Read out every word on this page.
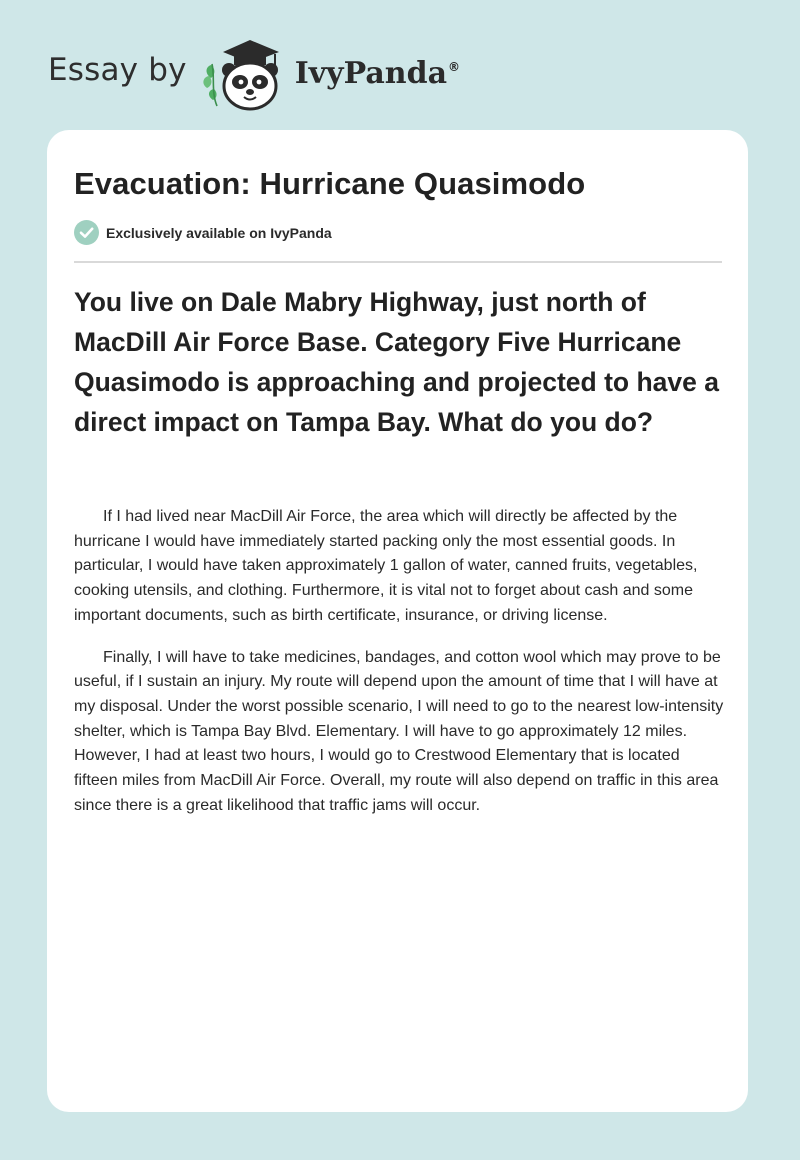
Essay by	IvyPanda®
Evacuation: Hurricane Quasimodo
Exclusively available on IvyPanda
You live on Dale Mabry Highway, just north of MacDill Air Force Base. Category Five Hurricane Quasimodo is approaching and projected to have a direct impact on Tampa Bay. What do you do?

If I had lived near MacDill Air Force, the area which will directly be affected by the hurricane I would have immediately started packing only the most essential goods. In particular, I would have taken approximately 1 gallon of water, canned fruits, vegetables, cooking utensils, and clothing. Furthermore, it is vital not to forget about cash and some important documents, such as birth certificate, insurance, or driving license.

Finally, I will have to take medicines, bandages, and cotton wool which may prove to be useful, if I sustain an injury. My route will depend upon the amount of time that I will have at my disposal. Under the worst possible scenario, I will need to go to the nearest low-intensity shelter, which is Tampa Bay Blvd. Elementary. I will have to go approximately 12 miles. However, I had at least two hours, I would go to Crestwood Elementary that is located fifteen miles from MacDill Air Force. Overall, my route will also depend on traffic in this area since there is a great likelihood that traffic jams will occur.
